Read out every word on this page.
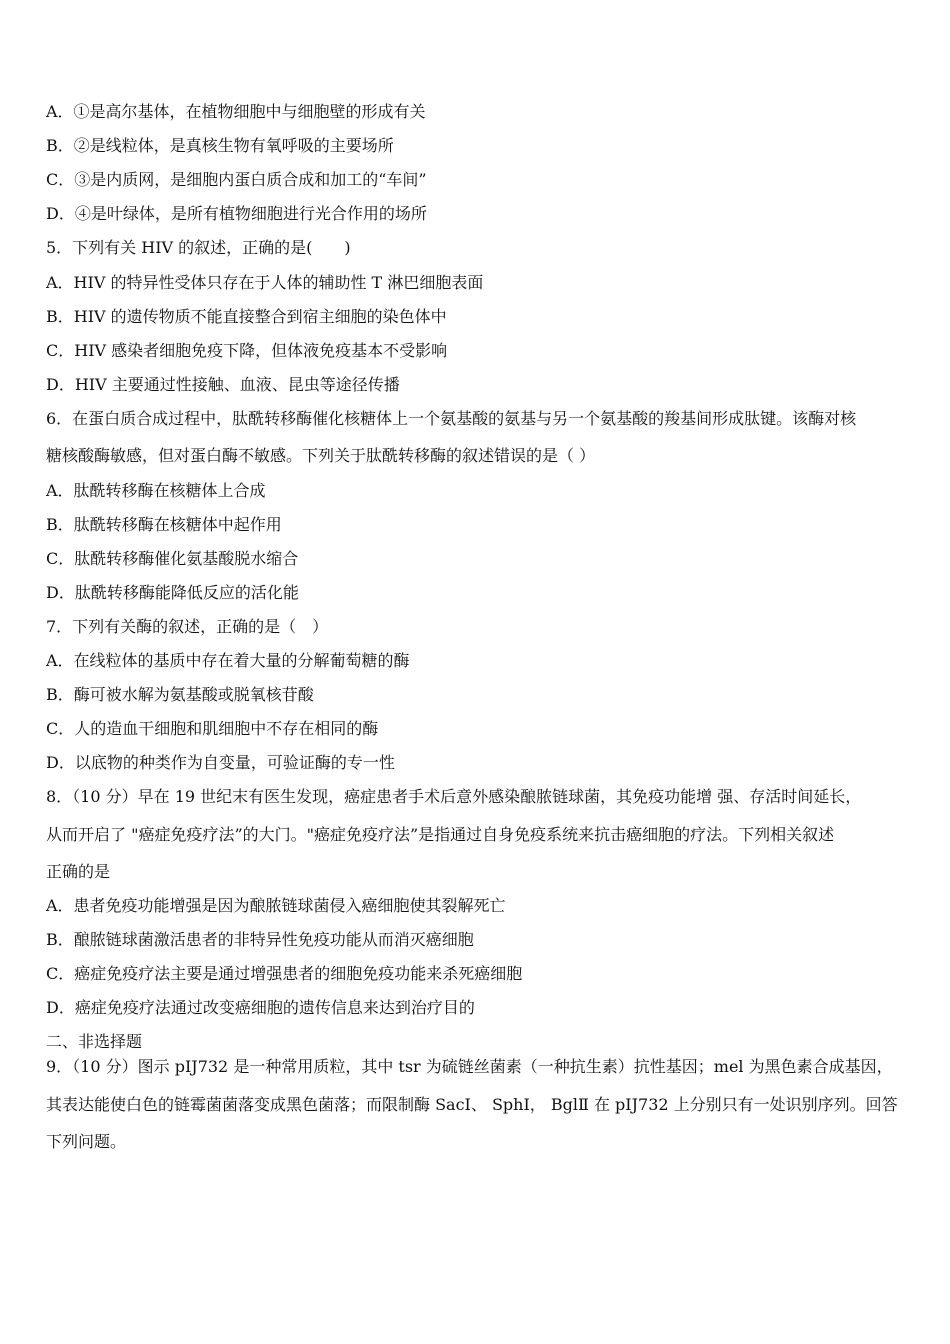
A．①是高尔基体，在植物细胞中与细胞壁的形成有关
B．②是线粒体，是真核生物有氧呼吸的主要场所
C．③是内质网，是细胞内蛋白质合成和加工的“车间”
D．④是叶绿体，是所有植物细胞进行光合作用的场所
5．下列有关 HIV 的叙述，正确的是(　　)
A．HIV 的特异性受体只存在于人体的辅助性 T 淋巴细胞表面
B．HIV 的遗传物质不能直接整合到宿主细胞的染色体中
C．HIV 感染者细胞免疫下降，但体液免疫基本不受影响
D．HIV 主要通过性接触、血液、昆虫等途径传播
6．在蛋白质合成过程中，肽酰转移酶催化核糖体上一个氨基酸的氨基与另一个氨基酸的羧基间形成肽键。该酶对核
糖核酸酶敏感，但对蛋白酶不敏感。下列关于肽酰转移酶的叙述错误的是（ ）
A．肽酰转移酶在核糖体上合成
B．肽酰转移酶在核糖体中起作用
C．肽酰转移酶催化氨基酸脱水缩合
D．肽酰转移酶能降低反应的活化能
7．下列有关酶的叙述，正确的是（　）
A．在线粒体的基质中存在着大量的分解葡萄糖的酶
B．酶可被水解为氨基酸或脱氧核苷酸
C．人的造血干细胞和肌细胞中不存在相同的酶
D．以底物的种类作为自变量，可验证酶的专一性
8．（10 分）早在 19 世纪末有医生发现，癌症患者手术后意外感染酿脓链球菌，其免疫功能增 强、存活时间延长，
从而开启了 "癌症免疫疗法”的大门。"癌症免疫疗法”是指通过自身免疫系统来抗击癌细胞的疗法。下列相关叙述
正确的是
A．患者免疫功能增强是因为酿脓链球菌侵入癌细胞使其裂解死亡
B．酿脓链球菌激活患者的非特异性免疫功能从而消灭癌细胞
C．癌症免疫疗法主要是通过增强患者的细胞免疫功能来杀死癌细胞
D．癌症免疫疗法通过改变癌细胞的遗传信息来达到治疗目的
二、非选择题
9．（10 分）图示 pIJ732 是一种常用质粒，其中 tsr 为硫链丝菌素（一种抗生素）抗性基因；mel 为黑色素合成基因，
其表达能使白色的链霉菌菌落变成黑色菌落；而限制酶 SacⅠ、 SphⅠ， BglⅡ 在 pIJ732 上分别只有一处识别序列。回答
下列问题。
